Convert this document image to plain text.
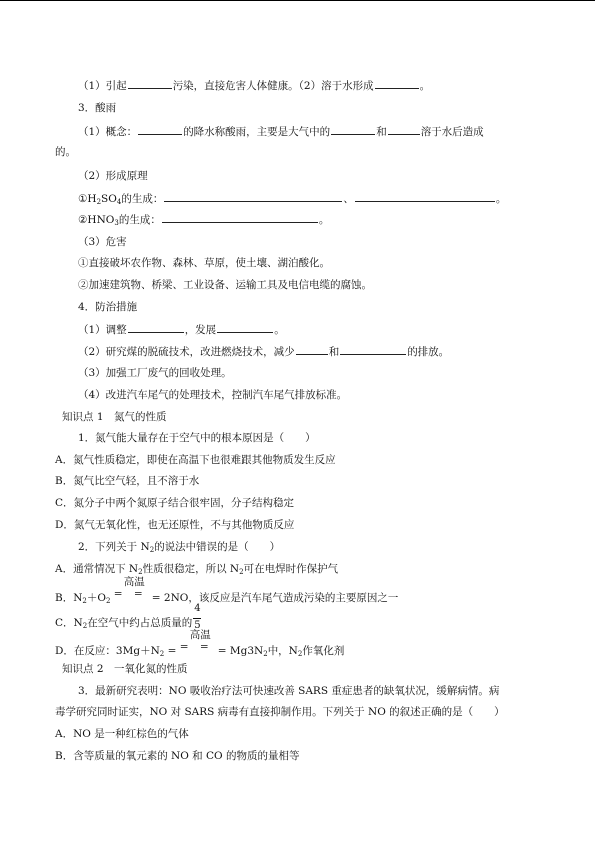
（1）引起	污染，直接危害人体健康。（2）溶于水形成	。
3．酸雨
（1）概念：	的降水称酸雨，主要是大气中的	和	溶于水后造成
的。
（2）形成原理
$①H_2SO_4$的生成：	、	。
$②HNO_3$的生成：	。
（3）危害
①直接破坏农作物、森林、草原，使土壤、湖泊酸化。
②加速建筑物、桥梁、工业设备、运输工具及电信电缆的腐蚀。
4．防治措施
（1）调整	，发展	。
（2）研究煤的脱硫技术，改进燃烧技术，减少	和	的排放。
（3）加强工厂废气的回收处理。
（4）改进汽车尾气的处理技术，控制汽车尾气排放标准。
知识点 1　氮气的性质
1．氮气能大量存在于空气中的根本原因是（　　）
A．氮气性质稳定，即使在高温下也很难跟其他物质发生反应
B．氮气比空气轻，且不溶于水
C．氮分子中两个氮原子结合很牢固，分子结构稳定
D．氮气无氧化性，也无还原性，不与其他物质反应
2．下列关于 $N_2$的说法中错误的是（　　）
A．通常情况下 $N_2$性质很稳定，所以 $N_2$可在电焊时作保护气
B．$N_2+O_2$
高温
= = = 2NO，该反应是汽车尾气造成污染的主要原因之一
C．$N_2$在空气中约占总质量的 $\frac{4}{5}$
D．在反应：$3Mg+N_2$ =
高温
= = = $Mg3N_2$中，$N_2$作氧化剂
知识点 2　一氧化氮的性质
3．最新研究表明：NO 吸收治疗法可快速改善 SARS 重症患者的缺氧状况，缓解病情。病
毒学研究同时证实，NO 对 SARS 病毒有直接抑制作用。下列关于 NO 的叙述正确的是（　　）
A．NO 是一种红棕色的气体
B．含等质量的氧元素的 NO 和 CO 的物质的量相等
